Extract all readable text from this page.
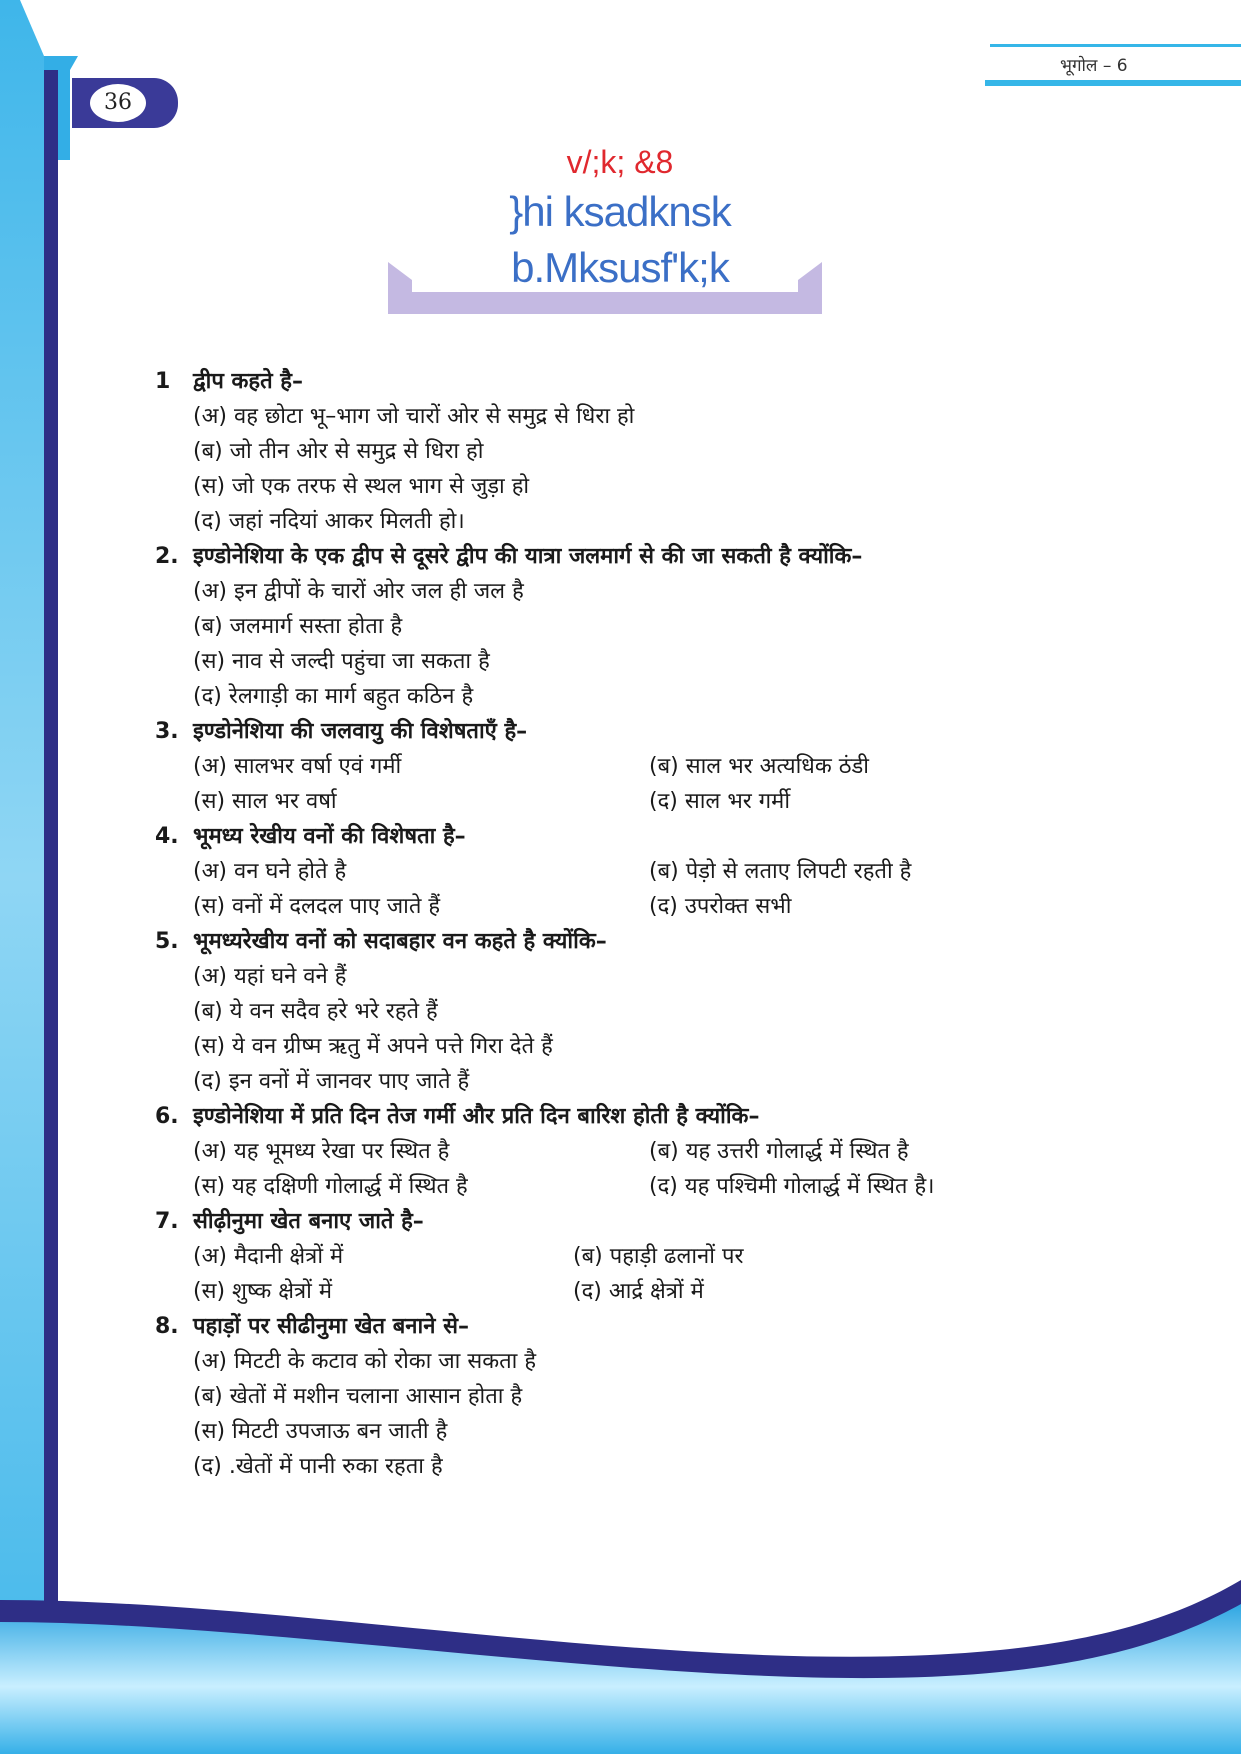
भूगोल – 6
36
v/;k; &8
}hi ksadknsk
b.Mksusf'k;k
1 द्वीप कहते है–
(अ) वह छोटा भू–भाग जो चारों ओर से समुद्र से धिरा हो
(ब) जो तीन ओर से समुद्र से धिरा हो
(स) जो एक तरफ से स्थल भाग से जुड़ा हो
(द) जहां नदियां आकर मिलती हो।
2. इण्डोनेशिया के एक द्वीप से दूसरे द्वीप की यात्रा जलमार्ग से की जा सकती है क्योंकि–
(अ) इन द्वीपों के चारों ओर जल ही जल है
(ब) जलमार्ग सस्ता होता है
(स) नाव से जल्दी पहुंचा जा सकता है
(द) रेलगाड़ी का मार्ग बहुत कठिन है
3. इण्डोनेशिया की जलवायु की विशेषताएँ है–
(अ) सालभर वर्षा एवं गर्मी	(ब) साल भर अत्यधिक ठंडी
(स) साल भर वर्षा	(द) साल भर गर्मी
4. भूमध्य रेखीय वनों की विशेषता है–
(अ) वन घने होते है	(ब) पेड़ो से लताए लिपटी रहती है
(स) वनों में दलदल पाए जाते हैं	(द) उपरोक्त सभी
5. भूमध्यरेखीय वनों को सदाबहार वन कहते है क्योंकि–
(अ) यहां घने वने हैं
(ब) ये वन सदैव हरे भरे रहते हैं
(स) ये वन ग्रीष्म ऋतु में अपने पत्ते गिरा देते हैं
(द) इन वनों में जानवर पाए जाते हैं
6. इण्डोनेशिया में प्रति दिन तेज गर्मी और प्रति दिन बारिश होती है क्योंकि–
(अ) यह भूमध्य रेखा पर स्थित है	(ब) यह उत्तरी गोलार्द्ध में स्थित है
(स) यह दक्षिणी गोलार्द्ध में स्थित है	(द) यह पश्चिमी गोलार्द्ध में स्थित है।
7. सीढ़ीनुमा खेत बनाए जाते है–
(अ) मैदानी क्षेत्रों में	(ब) पहाड़ी ढलानों पर
(स) शुष्क क्षेत्रों में	(द) आर्द्र क्षेत्रों में
8. पहाड़ों पर सीढीनुमा खेत बनाने से–
(अ) मिटटी के कटाव को रोका जा सकता है
(ब) खेतों में मशीन चलाना आसान होता है
(स) मिटटी उपजाऊ बन जाती है
(द) .खेतों में पानी रुका रहता है
